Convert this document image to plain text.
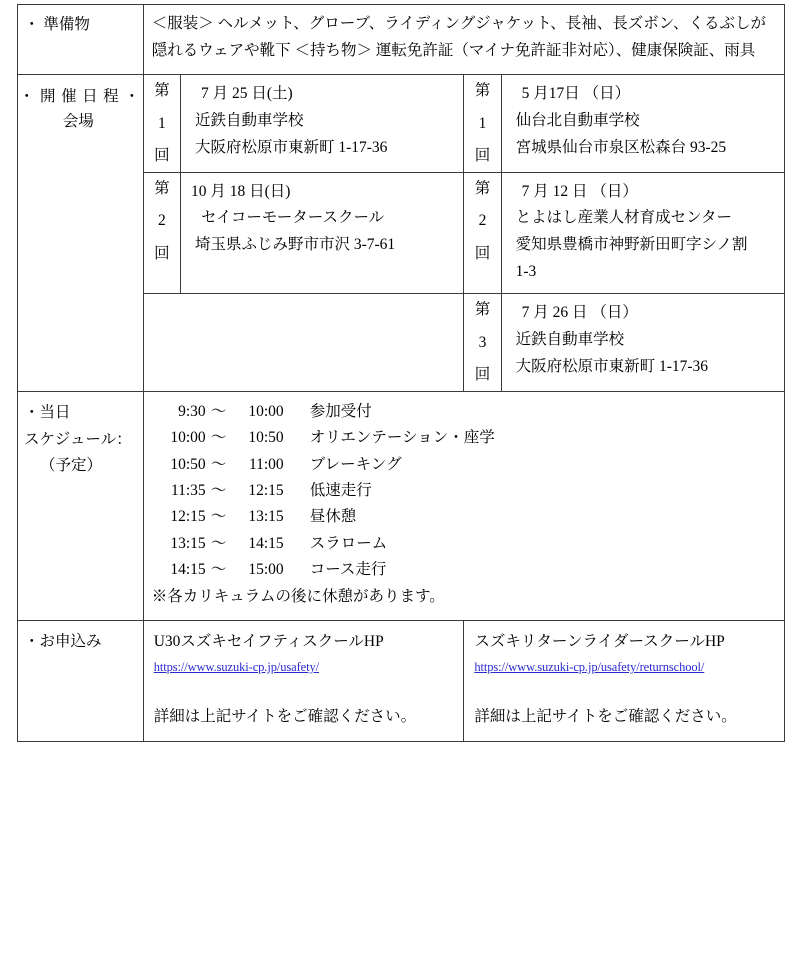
・ 準備物	＜服装＞ ヘルメット、グローブ、ライディングジャケット、長袖、長ズボン、くるぶしが隠れるウェアや靴下 ＜持ち物＞ 運転免許証（マイナ免許証非対応）、健康保険証、雨具			

・開催日程・
会場	第
1
回	7 月 25 日(土)
近鉄自動車学校
大阪府松原市東新町 1-17-36	第
1
回	5 月17日 （日）
仙台北自動車学校
宮城県仙台市泉区松森台 93-25

	第
2
回	10 月 18 日(日)
セイコーモータースクール
埼玉県ふじみ野市市沢 3-7-61	第
2
回	7 月 12 日 （日）
とよはし産業人材育成センター
愛知県豊橋市神野新田町字シノ割
1-3

			第
3
回	7 月 26 日 （日）
近鉄自動車学校
大阪府松原市東新町 1-17-36

・当日
スケジュール：
（予定）

9:30 〜 10:00 参加受付
10:00 〜 10:50 オリエンテーション・座学
10:50 〜 11:00 ブレーキング
11:35 〜 12:15 低速走行
12:15 〜 13:15 昼休憩
13:15 〜 14:15 スラローム
14:15 〜 15:00 コース走行
※各カリキュラムの後に休憩があります。

・お申込み	U30スズキセイフティスクールHP
https://www.suzuki-cp.jp/usafety/
詳細は上記サイトをご確認ください。		スズキリターンライダースクールHP
https://www.suzuki-cp.jp/usafety/returnschool/
詳細は上記サイトをご確認ください。	
